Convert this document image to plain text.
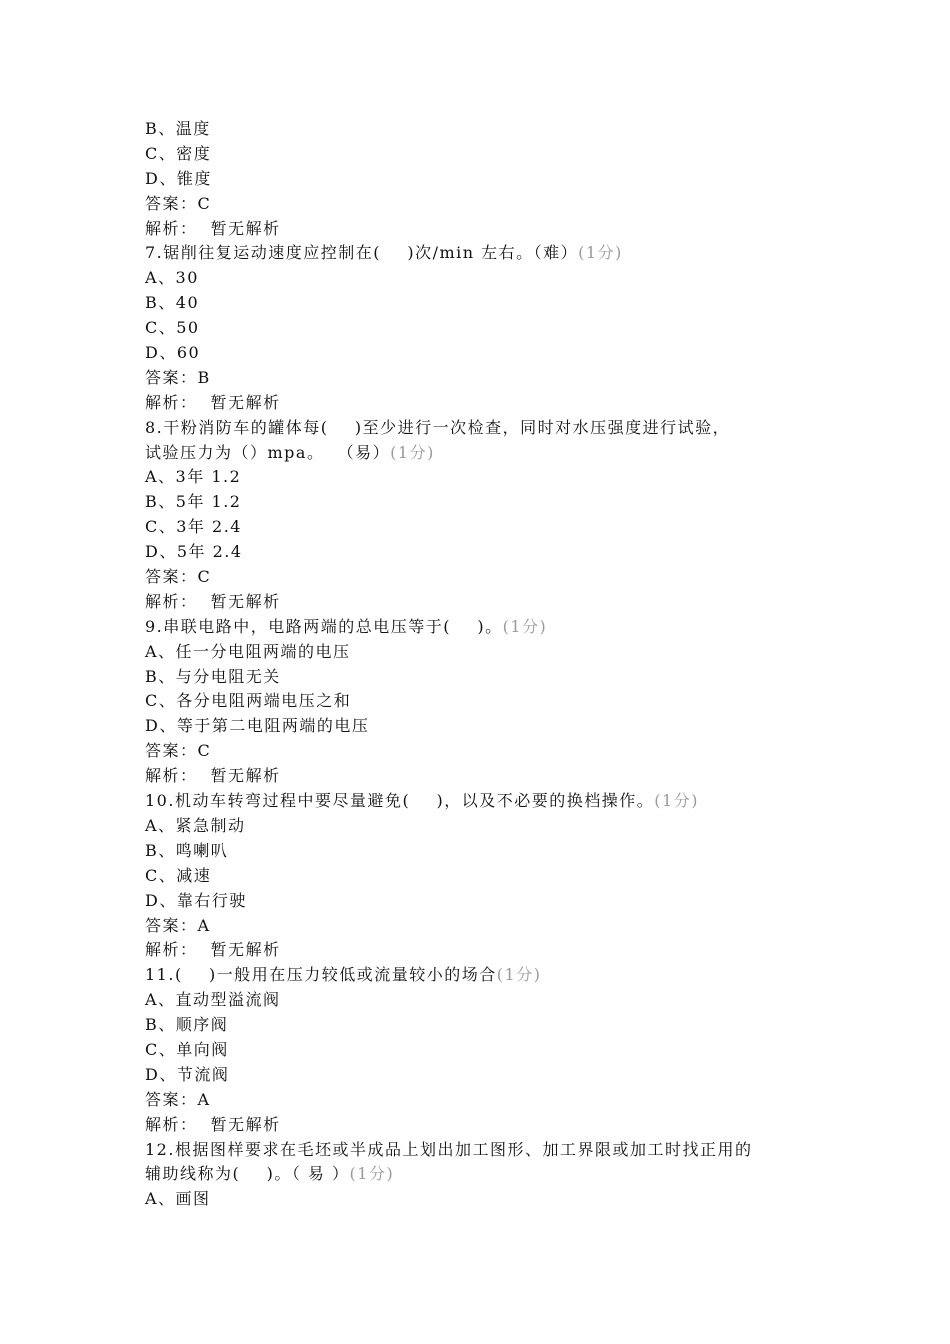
B、温度
C、密度
D、锥度
答案：C
解析：  暂无解析
7.锯削往复运动速度应控制在(    )次/min 左右。（难）(1分)
A、30
B、40
C、50
D、60
答案：B
解析：  暂无解析
8.干粉消防车的罐体每(    )至少进行一次检查，同时对水压强度进行试验，
试验压力为（）mpa。  （易）(1分)
A、3年 1.2
B、5年 1.2
C、3年 2.4
D、5年 2.4
答案：C
解析：  暂无解析
9.串联电路中，电路两端的总电压等于(    )。(1分)
A、任一分电阻两端的电压
B、与分电阻无关
C、各分电阻两端电压之和
D、等于第二电阻两端的电压
答案：C
解析：  暂无解析
10.机动车转弯过程中要尽量避免(    )，以及不必要的换档操作。(1分)
A、紧急制动
B、鸣喇叭
C、减速
D、靠右行驶
答案：A
解析：  暂无解析
11.(    )一般用在压力较低或流量较小的场合(1分)
A、直动型溢流阀
B、顺序阀
C、单向阀
D、节流阀
答案：A
解析：  暂无解析
12.根据图样要求在毛坯或半成品上划出加工图形、加工界限或加工时找正用的
辅助线称为(    )。（ 易 ）(1分)
A、画图
